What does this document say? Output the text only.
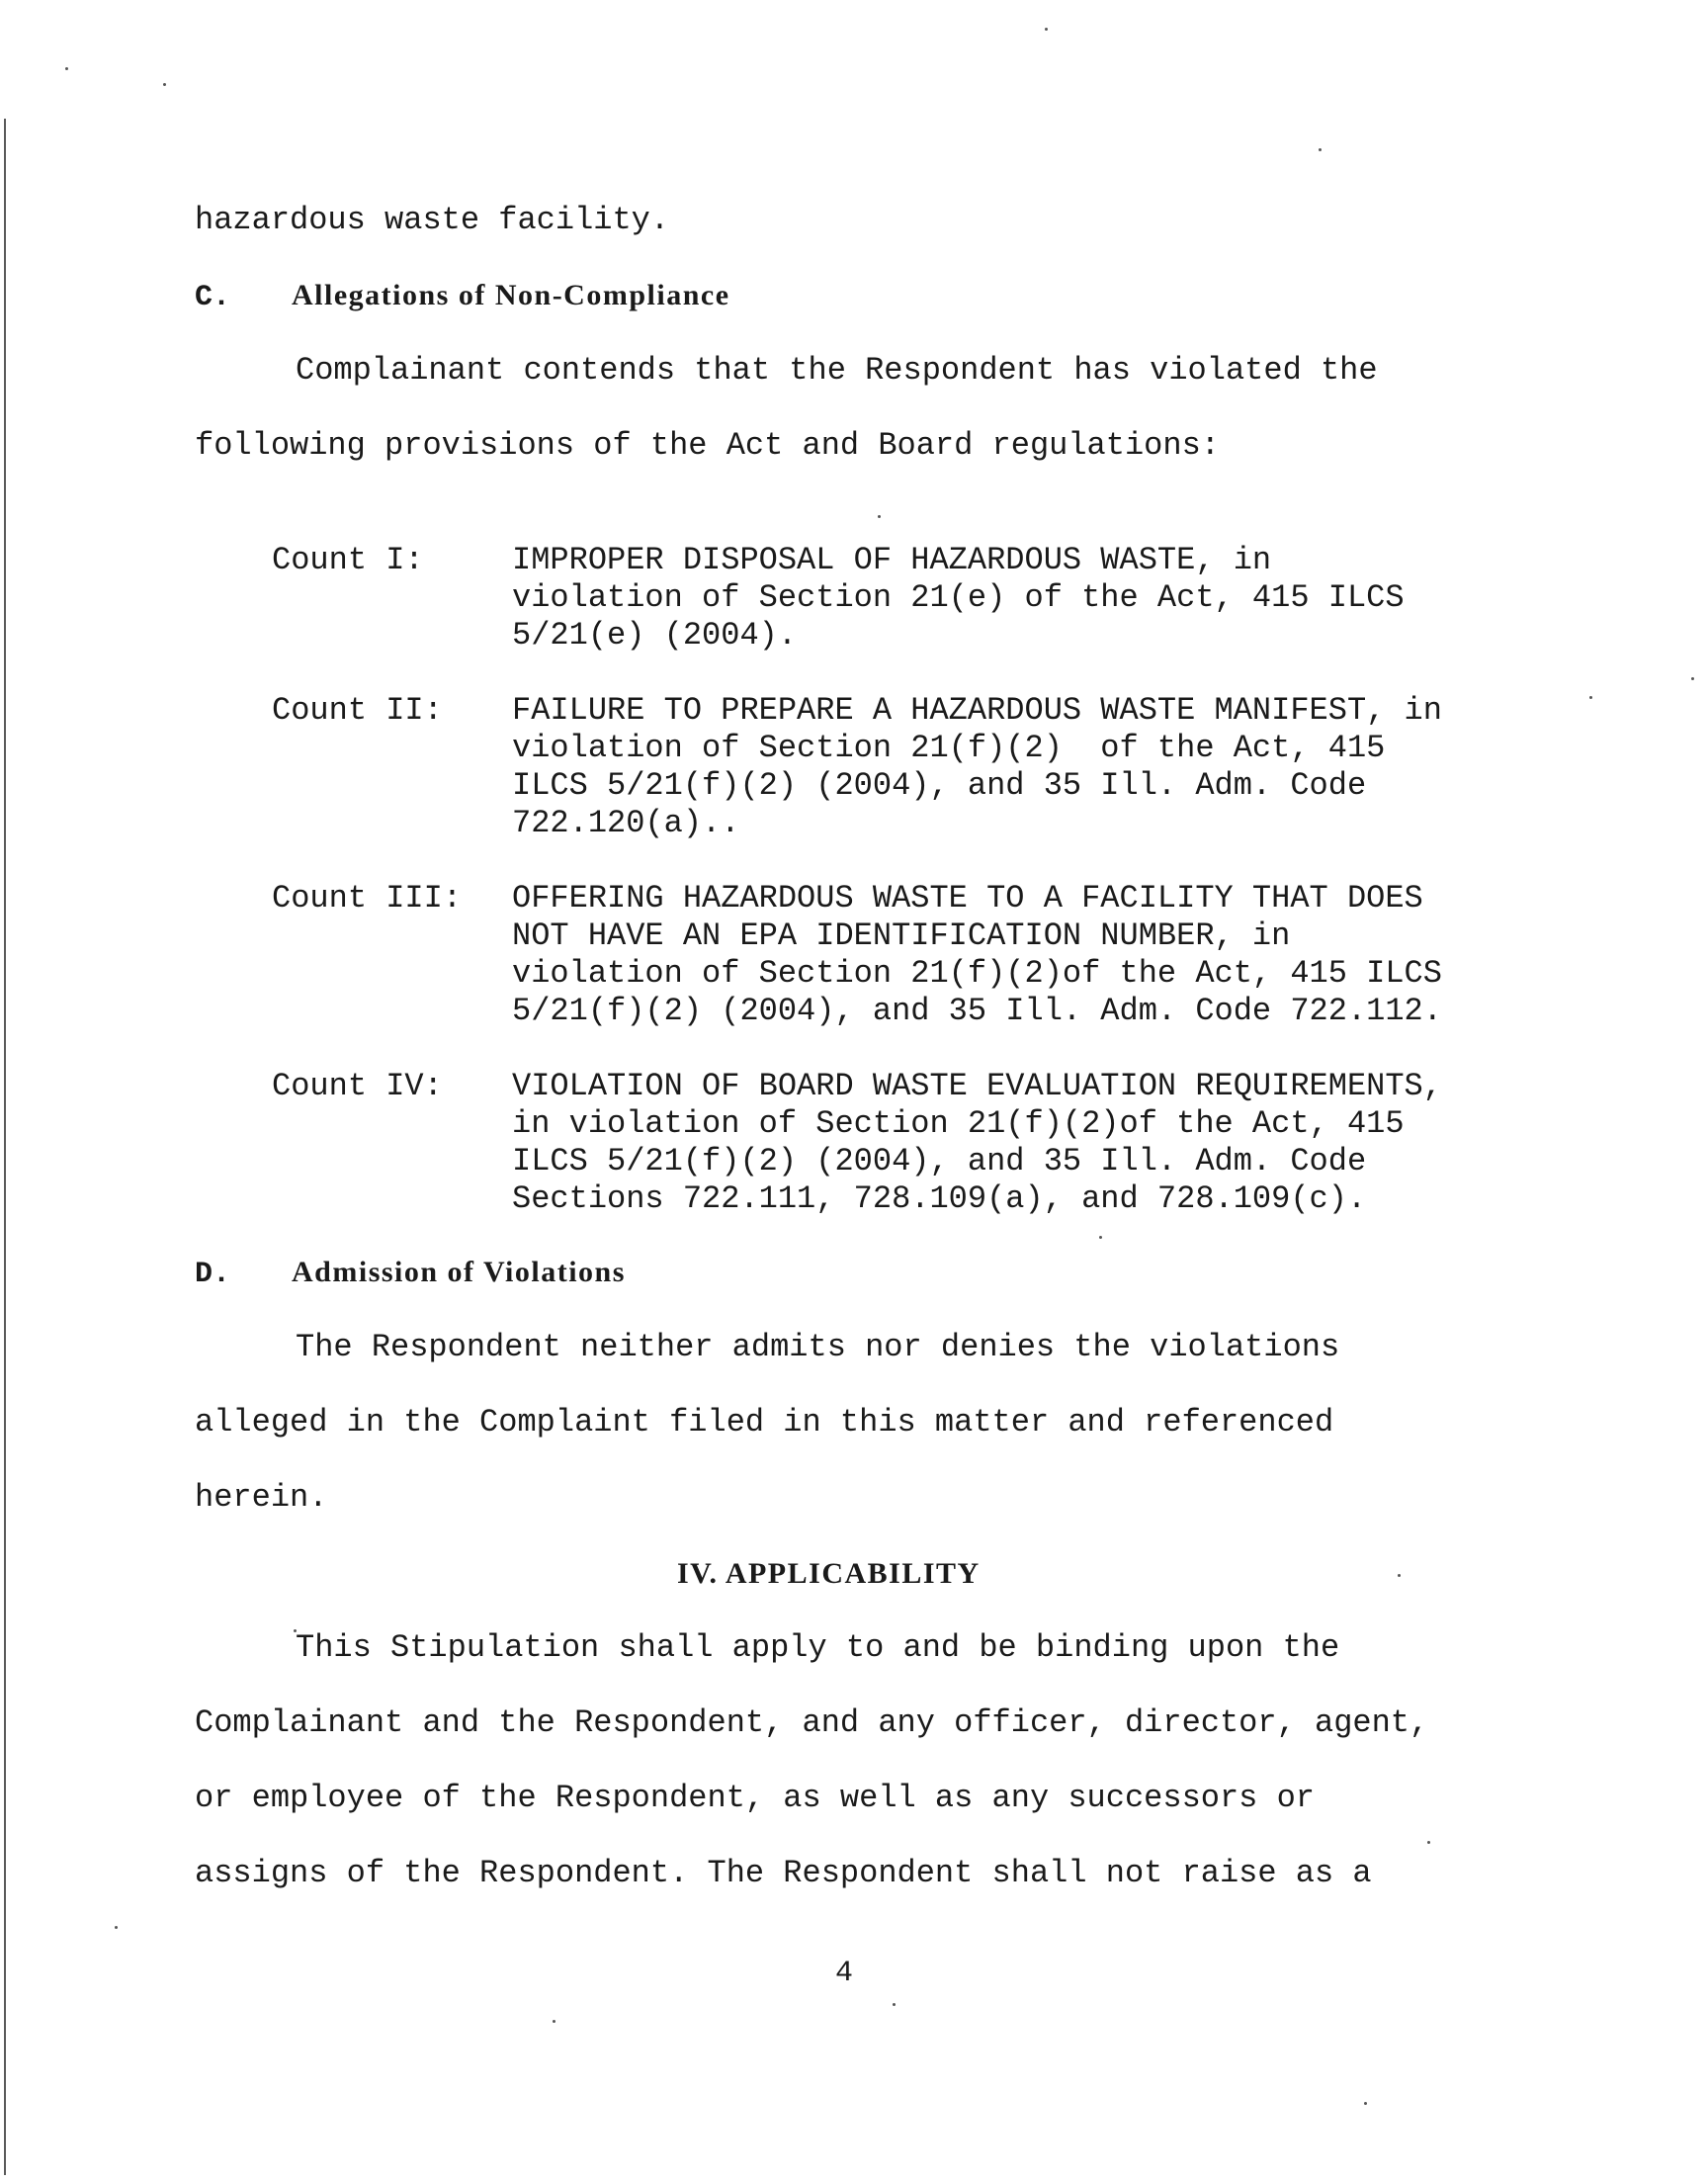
hazardous waste facility.
C. Allegations of Non-Compliance
Complainant contends that the Respondent has violated the
following provisions of the Act and Board regulations:
Count I:	IMPROPER DISPOSAL OF HAZARDOUS WASTE, in
violation of Section 21(e) of the Act, 415 ILCS
5/21(e) (2004).
Count II: FAILURE TO PREPARE A HAZARDOUS WASTE MANIFEST, in
violation of Section 21(f)(2)  of the Act, 415
ILCS 5/21(f)(2) (2004), and 35 Ill. Adm. Code
722.120(a)..
Count III: OFFERING HAZARDOUS WASTE TO A FACILITY THAT DOES
NOT HAVE AN EPA IDENTIFICATION NUMBER, in
violation of Section 21(f)(2)of the Act, 415 ILCS
5/21(f)(2) (2004), and 35 Ill. Adm. Code 722.112.
Count IV: VIOLATION OF BOARD WASTE EVALUATION REQUIREMENTS,
in violation of Section 21(f)(2)of the Act, 415
ILCS 5/21(f)(2) (2004), and 35 Ill. Adm. Code
Sections 722.111, 728.109(a), and 728.109(c).
D. Admission of Violations
The Respondent neither admits nor denies the violations
alleged in the Complaint filed in this matter and referenced
herein.
IV. APPLICABILITY
This Stipulation shall apply to and be binding upon the
Complainant and the Respondent, and any officer, director, agent,
or employee of the Respondent, as well as any successors or
assigns of the Respondent. The Respondent shall not raise as a
4
